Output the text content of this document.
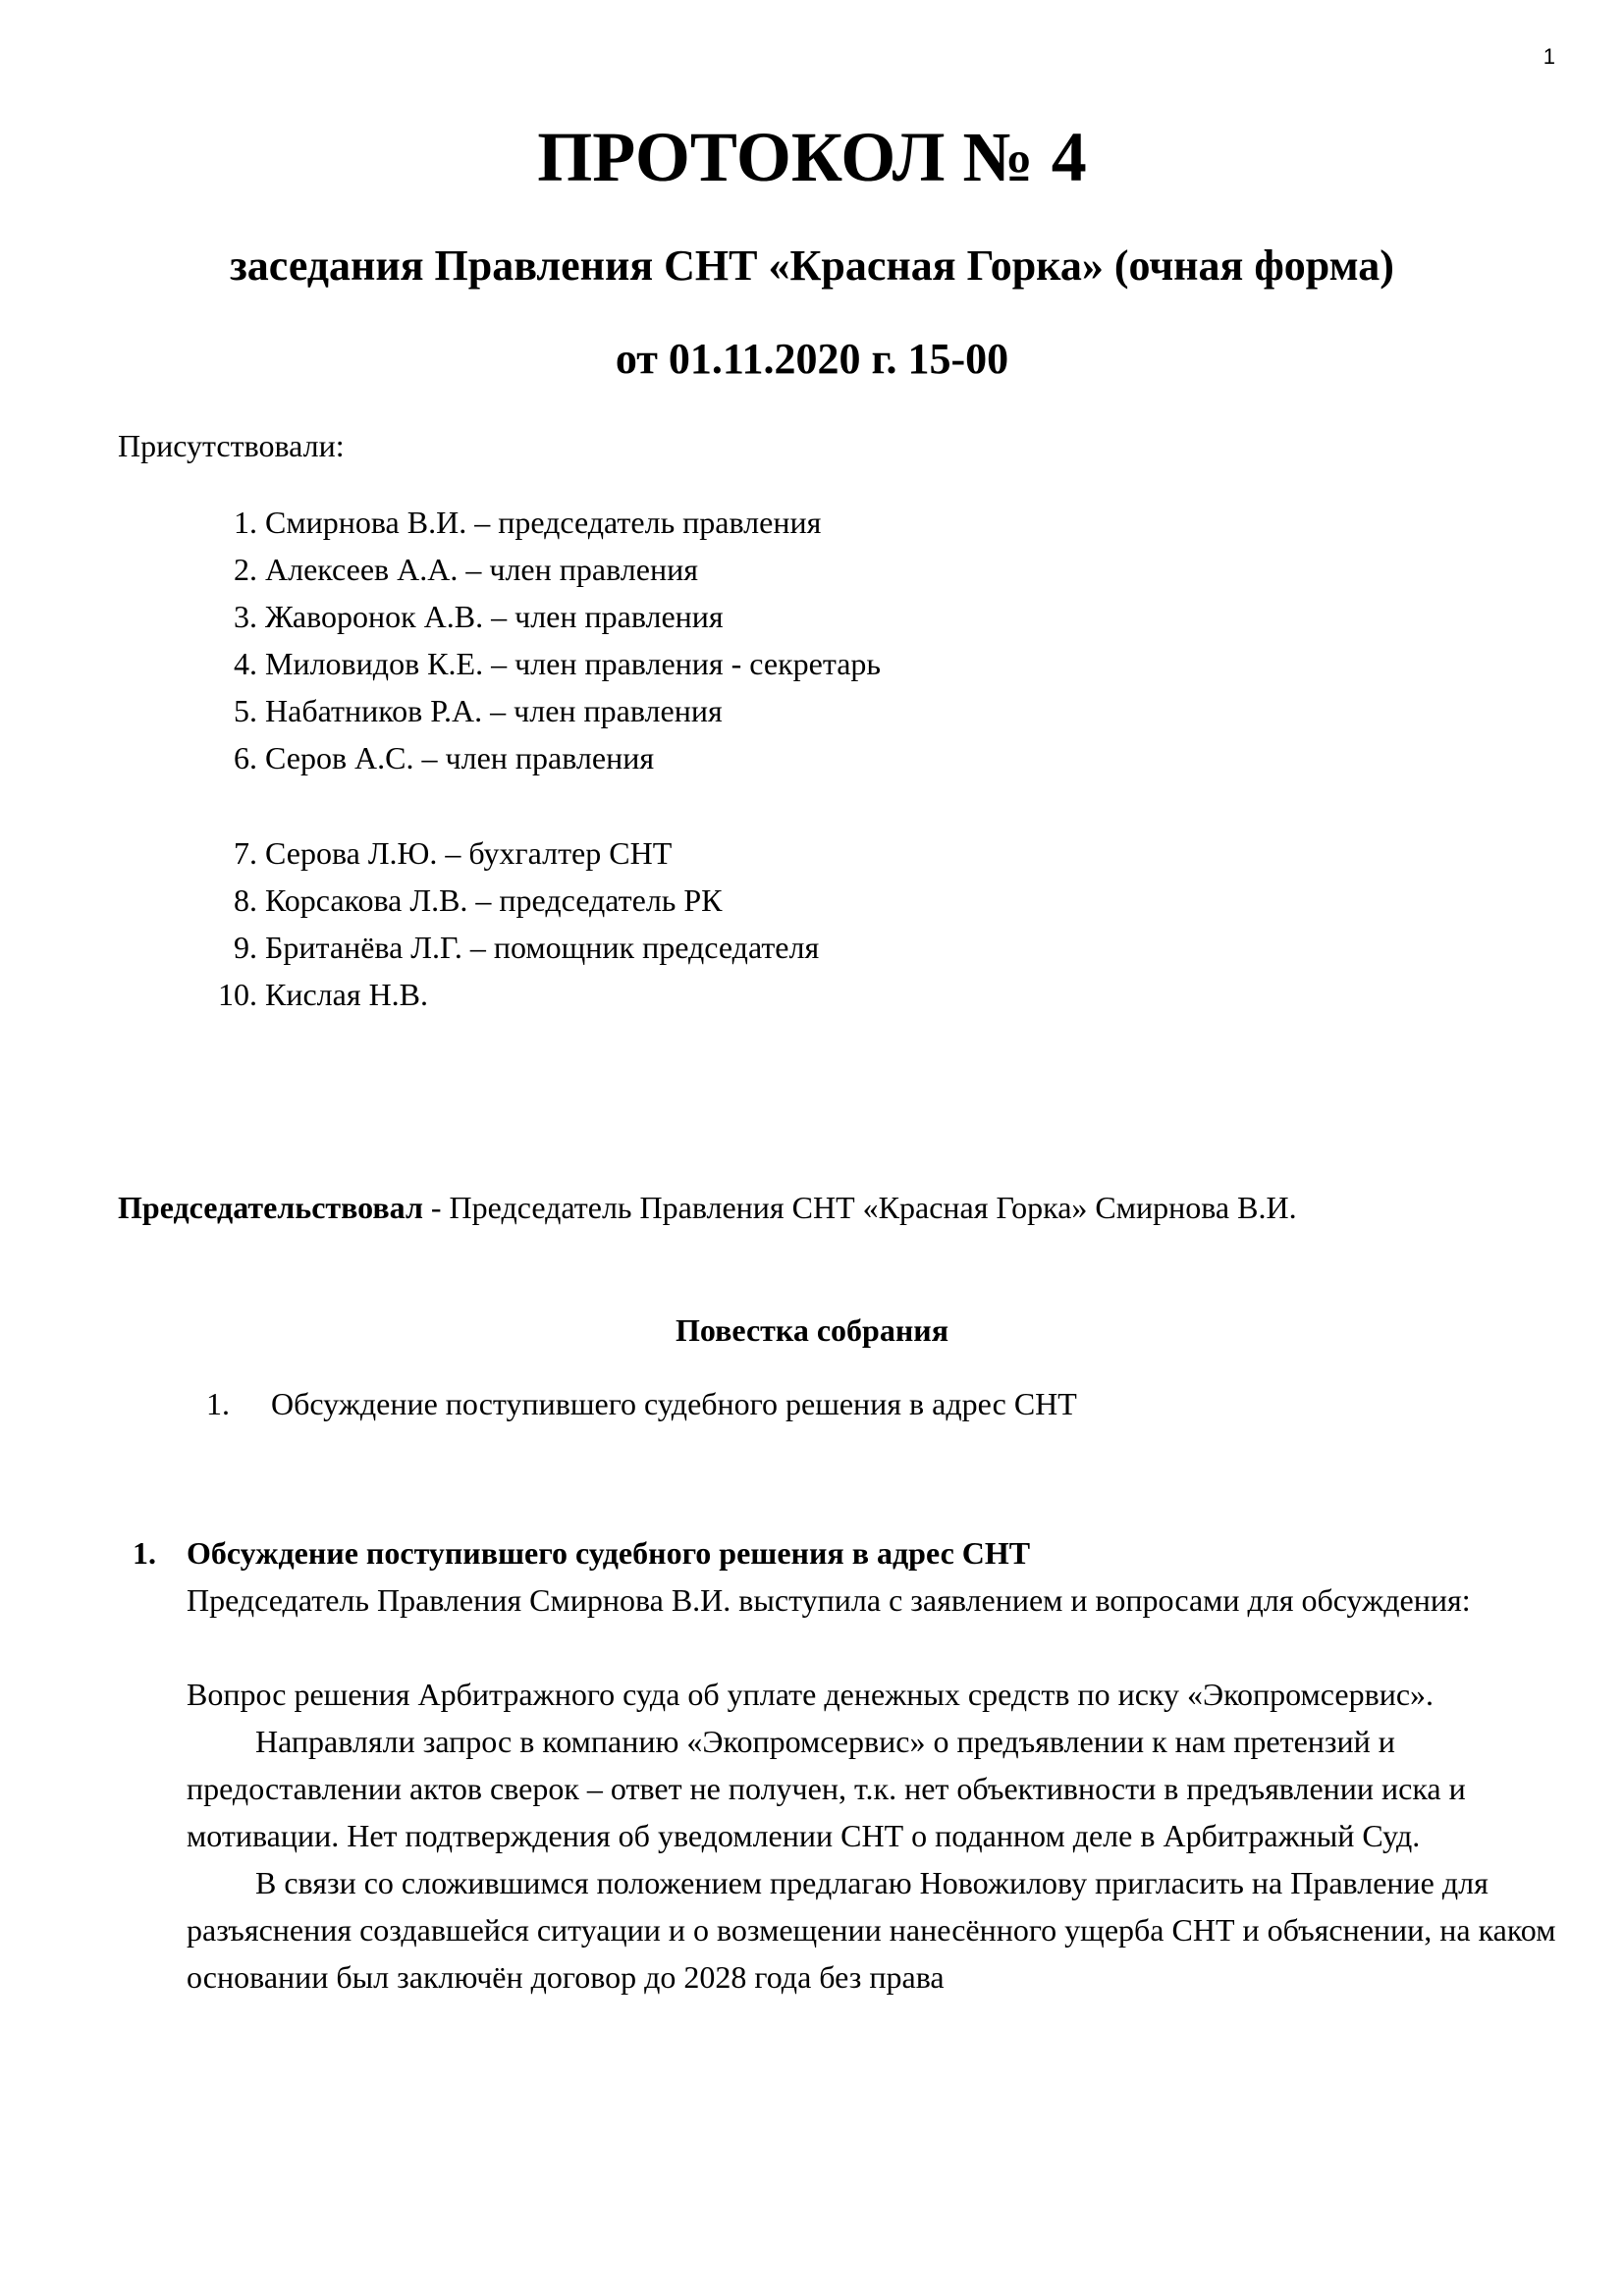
1
ПРОТОКОЛ № 4
заседания Правления СНТ «Красная Горка» (очная форма)
от 01.11.2020 г. 15-00
Присутствовали:
1. Смирнова В.И. – председатель правления
2. Алексеев А.А. – член правления
3. Жаворонок А.В. – член правления
4. Миловидов К.Е. – член правления - секретарь
5. Набатников Р.А. – член правления
6. Серов А.С. – член правления
7. Серова Л.Ю. – бухгалтер СНТ
8. Корсакова Л.В. – председатель РК
9. Британёва Л.Г. – помощник председателя
10. Кислая Н.В.
Председательствовал - Председатель Правления СНТ «Красная Горка» Смирнова В.И.
Повестка собрания
1.	Обсуждение поступившего судебного решения в адрес СНТ
1. Обсуждение поступившего судебного решения в адрес СНТ

Председатель Правления Смирнова В.И. выступила с заявлением и вопросами для обсуждения:

Вопрос решения Арбитражного суда об уплате денежных средств по иску «Экопромсервис».

Направляли запрос в компанию «Экопромсервис» о предъявлении к нам претензий и предоставлении актов сверок – ответ не получен, т.к. нет объективности в предъявлении иска и мотивации. Нет подтверждения об уведомлении СНТ о поданном деле в Арбитражный Суд.

В связи со сложившимся положением предлагаю Новожилову пригласить на Правление для разъяснения создавшейся ситуации и о возмещении нанесённого ущерба СНТ и объяснении, на каком основании был заключён договор до 2028 года без права
